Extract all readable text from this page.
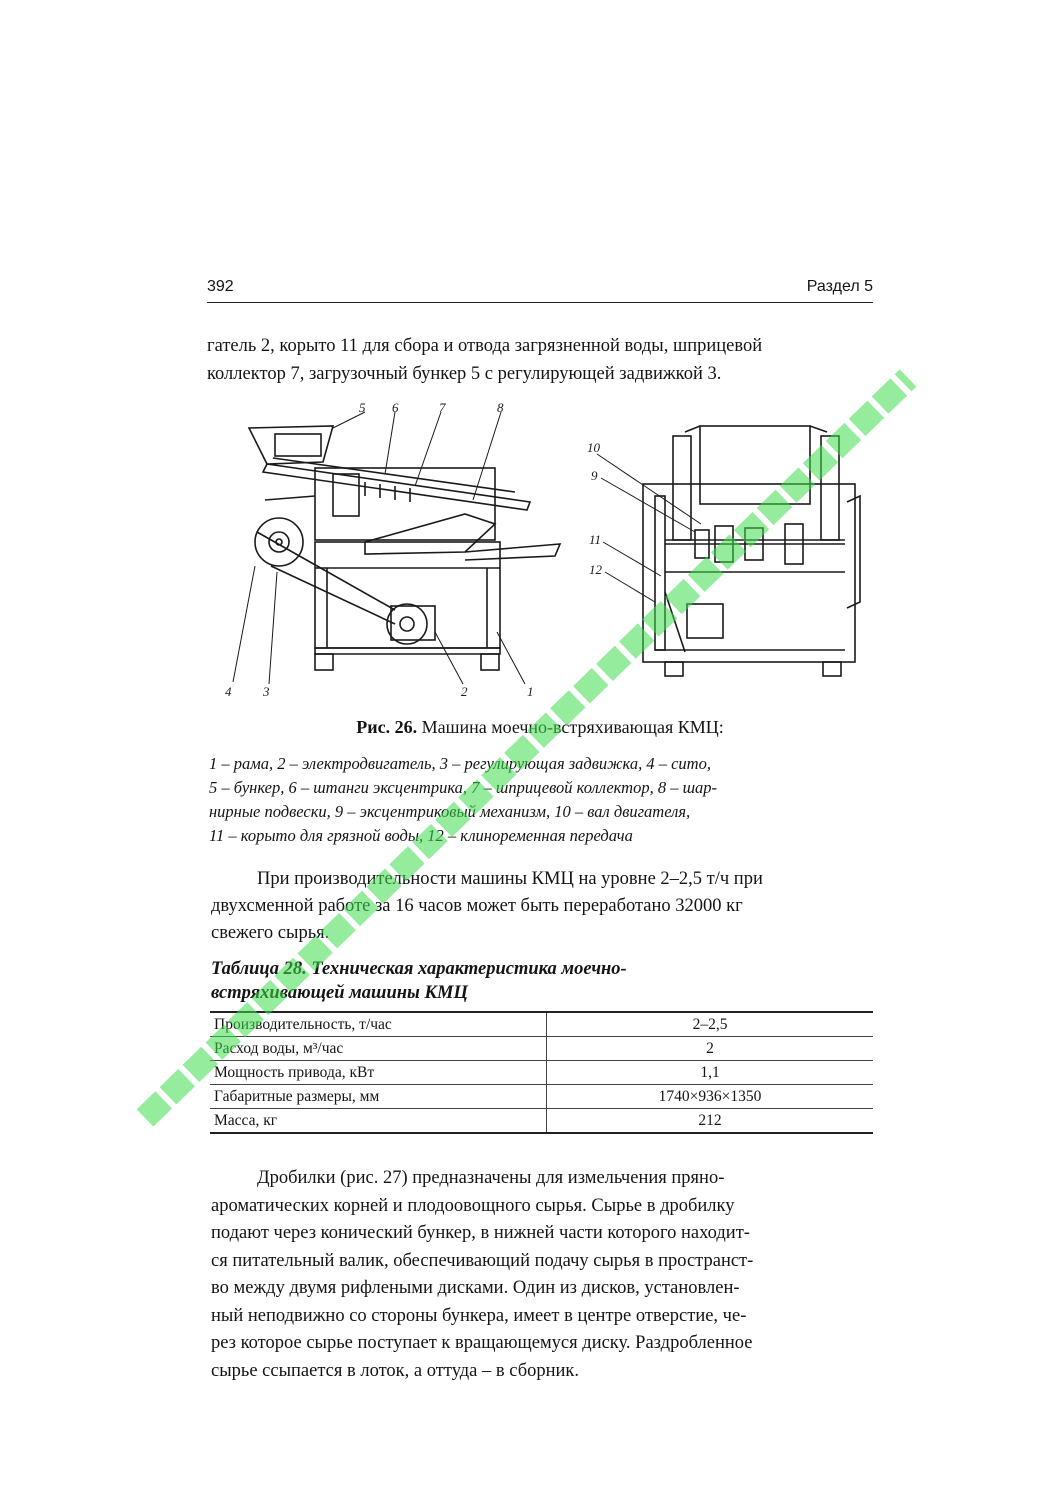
392	Раздел 5
гатель 2, корыто 11 для сбора и отвода загрязненной воды, шприцевой
коллектор 7, загрузочный бункер 5 с регулирующей задвижкой 3.
5 6	7	8
4 3	2	1
10
9
11
12
Рис. 26. Машина моечно-встряхивающая КМЦ:
1 – рама, 2 – электродвигатель, 3 – регулирующая задвижка, 4 – сито,
5 – бункер, 6 – штанги эксцентрика, 7 – шприцевой коллектор, 8 – шар-
нирные подвески, 9 – эксцентриковый механизм, 10 – вал двигателя,
11 – корыто для грязной воды, 12 – клиноременная передача
При производительности машины КМЦ на уровне 2–2,5 т/ч при
двухсменной работе за 16 часов может быть переработано 32000 кг
свежего сырья.
Таблица 28. Техническая характеристика моечно-
встряхивающей машины КМЦ
Производительность, т/час	2–2,5
Расход воды, м³/час	2
Мощность привода, кВт	1,1
Габаритные размеры, мм	1740×936×1350
Масса, кг	212
Дробилки (рис. 27) предназначены для измельчения пряно-
ароматических корней и плодоовощного сырья. Сырье в дробилку
подают через конический бункер, в нижней части которого находит-
ся питательный валик, обеспечивающий подачу сырья в пространст-
во между двумя рифлеными дисками. Один из дисков, установлен-
ный неподвижно со стороны бункера, имеет в центре отверстие, че-
рез которое сырье поступает к вращающемуся диску. Раздробленное
сырье ссыпается в лоток, а оттуда – в сборник.
